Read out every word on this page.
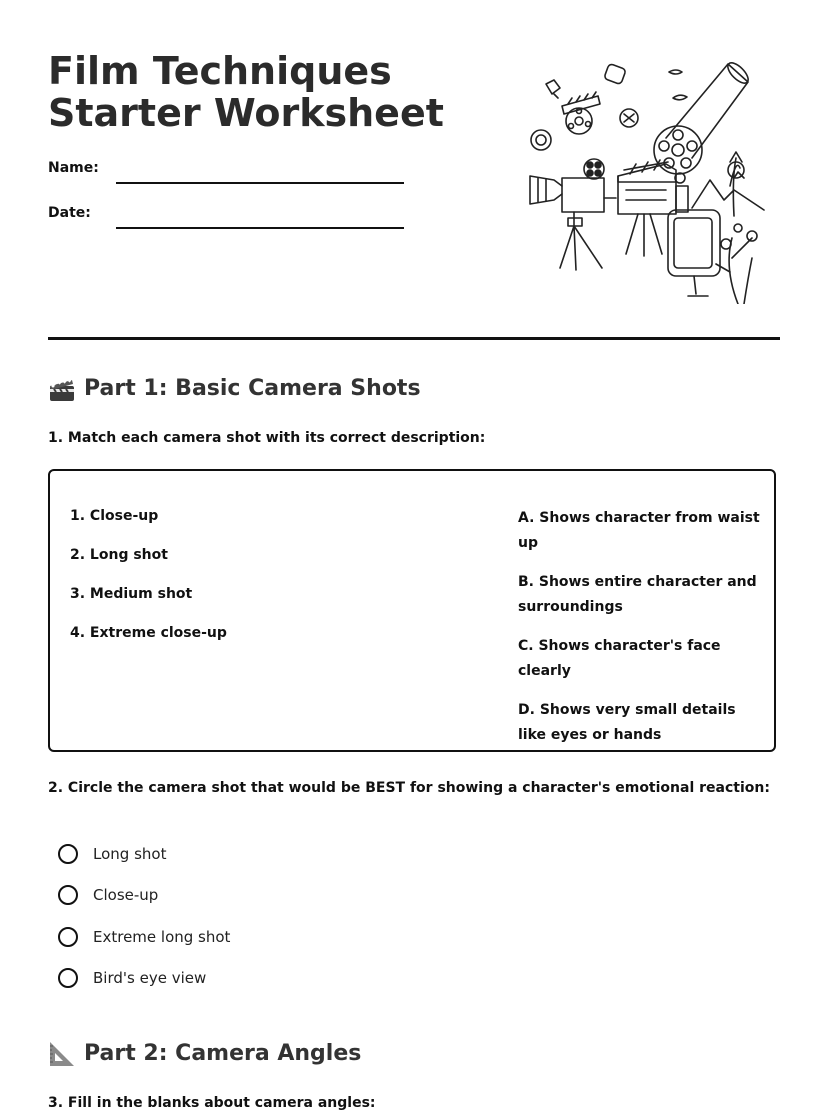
Film Techniques Starter Worksheet
Name:
Date:
Part 1: Basic Camera Shots

1. Match each camera shot with its correct description:

1. Close-up
2. Long shot
3. Medium shot
4. Extreme close-up
A. Shows character from waist up
B. Shows entire character and surroundings
C. Shows character's face clearly
D. Shows very small details like eyes or hands

2. Circle the camera shot that would be BEST for showing a character's emotional reaction:

Long shot
Close-up
Extreme long shot
Bird's eye view
Part 2: Camera Angles

3. Fill in the blanks about camera angles:
